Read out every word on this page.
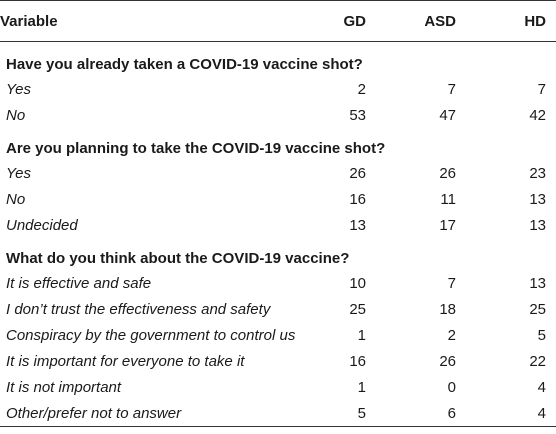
Variable	GD	ASD	HD
Have you already taken a COVID-19 vaccine shot?			
Yes	2	7	7
No	53	47	42
Are you planning to take the COVID-19 vaccine shot?			
Yes	26	26	23
No	16	11	13
Undecided	13	17	13
What do you think about the COVID-19 vaccine?			
It is effective and safe	10	7	13
I don’t trust the effectiveness and safety	25	18	25
Conspiracy by the government to control us	1	2	5
It is important for everyone to take it	16	26	22
It is not important	1	0	4
Other/prefer not to answer	5	6	4
